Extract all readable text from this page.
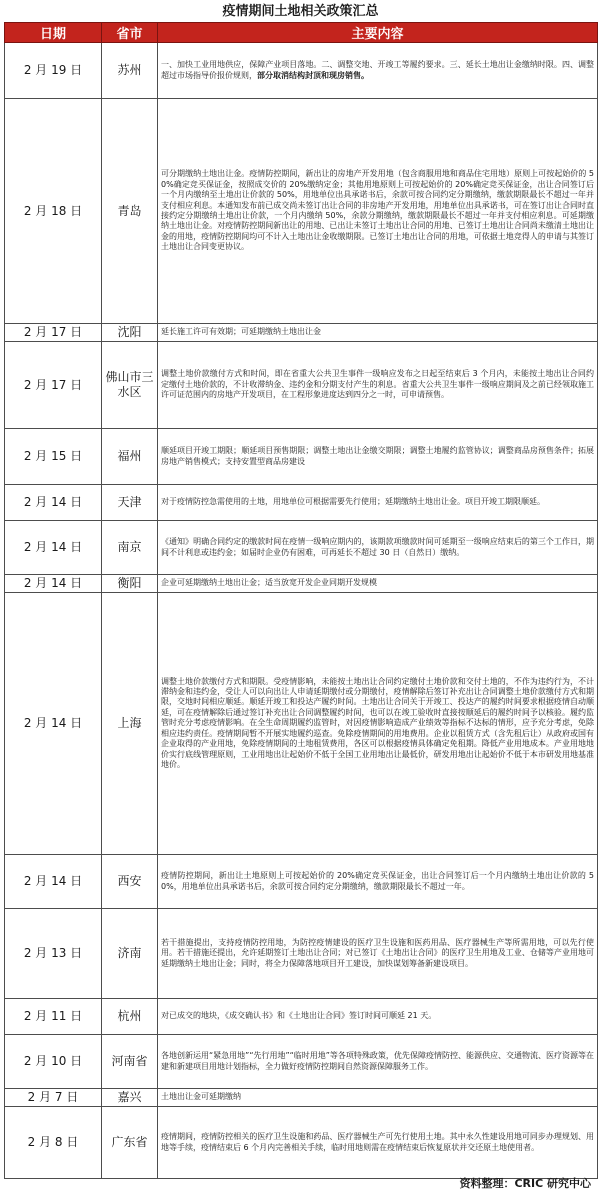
疫情期间土地相关政策汇总
日期	省市	主要内容
2 月 19 日	苏州	一、加快工业用地供应，保障产业项目落地。二、调整交地、开竣工等履约要求。三、延长土地出让金缴纳时限。四、调整超过市场指导价报价规则，部分取消结构封顶和现房销售。
2 月 18 日	青岛	可分期缴纳土地出让金。疫情防控期间，新出让的房地产开发用地（包含商服用地和商品住宅用地）原则上可按起始价的 50%确定竞买保证金，按照成交价的 20%缴纳定金；其他用地原则上可按起始价的 20%确定竞买保证金，出让合同签订后一个月内缴纳至土地出让价款的 50%，用地单位出具承诺书后，余款可按合同约定分期缴纳，缴款期限最长不超过一年并支付相应利息。本通知发布前已成交尚未签订出让合同的非房地产开发用地，用地单位出具承诺书，可在签订出让合同时直接约定分期缴纳土地出让价款，一个月内缴纳 50%，余款分期缴纳，缴款期限最长不超过一年并支付相应利息。可延期缴纳土地出让金。对疫情防控期间新出让的用地、已出让未签订土地出让合同的用地、已签订土地出让合同尚未缴清土地出让金的用地，疫情防控期间均可不计入土地出让金收缴期限。已签订土地出让合同的用地，可依据土地竞得人的申请与其签订土地出让合同变更协议。
2 月 17 日	沈阳	延长施工许可有效期；可延期缴纳土地出让金
2 月 17 日	佛山市三水区	调整土地价款缴付方式和时间，即在省重大公共卫生事件一级响应发布之日起至结束后 3 个月内，未能按土地出让合同约定缴付土地价款的，不计收滞纳金、违约金和分期支付产生的利息。省重大公共卫生事件一级响应期间及之前已经领取施工许可证范围内的房地产开发项目，在工程形象进度达到四分之一时，可申请预售。
2 月 15 日	福州	顺延项目开竣工期限；顺延项目预售期限；调整土地出让金缴交期限；调整土地履约监管协议；调整商品房预售条件；拓展房地产销售模式；支持安置型商品房建设
2 月 14 日	天津	对于疫情防控急需使用的土地，用地单位可根据需要先行使用；延期缴纳土地出让金。项目开竣工期限顺延。
2 月 14 日	南京	《通知》明确合同约定的缴款时间在疫情一级响应期内的，该期款项缴款时间可延期至一级响应结束后的第三个工作日，期间不计利息或违约金；如届时企业仍有困难，可再延长不超过 30 日（自然日）缴纳。
2 月 14 日	衡阳	企业可延期缴纳土地出让金；适当放宽开发企业同期开发规模
2 月 14 日	上海	调整土地价款缴付方式和期限。受疫情影响，未能按土地出让合同约定缴付土地价款和交付土地的，不作为违约行为，不计滞纳金和违约金，受让人可以向出让人申请延期缴付或分期缴付，疫情解除后签订补充出让合同调整土地价款缴付方式和期限，交地时间相应顺延。顺延开竣工和投达产履约时间。土地出让合同关于开竣工、投达产的履约时间要求根据疫情自动顺延，可在疫情解除后通过签订补充出让合同调整履约时间，也可以在竣工验收时直接按顺延后的履约时间予以核验。履约监管时充分考虑疫情影响。在全生命周期履约监管时，对因疫情影响造成产业绩效等指标不达标的情形，应予充分考虑，免除相应违约责任。疫情期间暂不开展实地履约巡查。免除疫情期间的用地费用。企业以租赁方式（含先租后让）从政府或国有企业取得的产业用地，免除疫情期间的土地租赁费用，各区可以根据疫情具体确定免租期。降低产业用地成本。产业用地地价实行底线管理原则，工业用地出让起始价不低于全国工业用地出让最低价，研发用地出让起始价不低于本市研发用地基准地价。
2 月 14 日	西安	疫情防控期间，新出让土地原则上可按起始价的 20%确定竞买保证金，出让合同签订后一个月内缴纳土地出让价款的 50%，用地单位出具承诺书后，余款可按合同约定分期缴纳，缴款期限最长不超过一年。
2 月 13 日	济南	若干措施提出，支持疫情防控用地，为防控疫情建设的医疗卫生设施和医药用品、医疗器械生产等所需用地，可以先行使用。若干措施还提出，允许延期签订土地出让合同；对已签订《土地出让合同》的医疗卫生用地及工业、仓储等产业用地可延期缴纳土地出让金；同时，将全力保障落地项目开工建设，加快谋划筹备新建设项目。
2 月 11 日	杭州	对已成交的地块，《成交确认书》和《土地出让合同》签订时间可顺延 21 天。
2 月 10 日	河南省	各地创新运用“紧急用地”“先行用地”“临时用地”等各项特殊政策，优先保障疫情防控、能源供应、交通物流、医疗资源等在建和新建项目用地计划指标，全力做好疫情防控期间自然资源保障服务工作。
2 月 7 日	嘉兴	土地出让金可延期缴纳
2 月 8 日	广东省	疫情期间，疫情防控相关的医疗卫生设施和药品、医疗器械生产可先行使用土地。其中永久性建设用地可同步办理规划、用地等手续，疫情结束后 6 个月内完善相关手续，临时用地则需在疫情结束后恢复原状并交还原土地使用者。
资料整理：CRIC 研究中心
